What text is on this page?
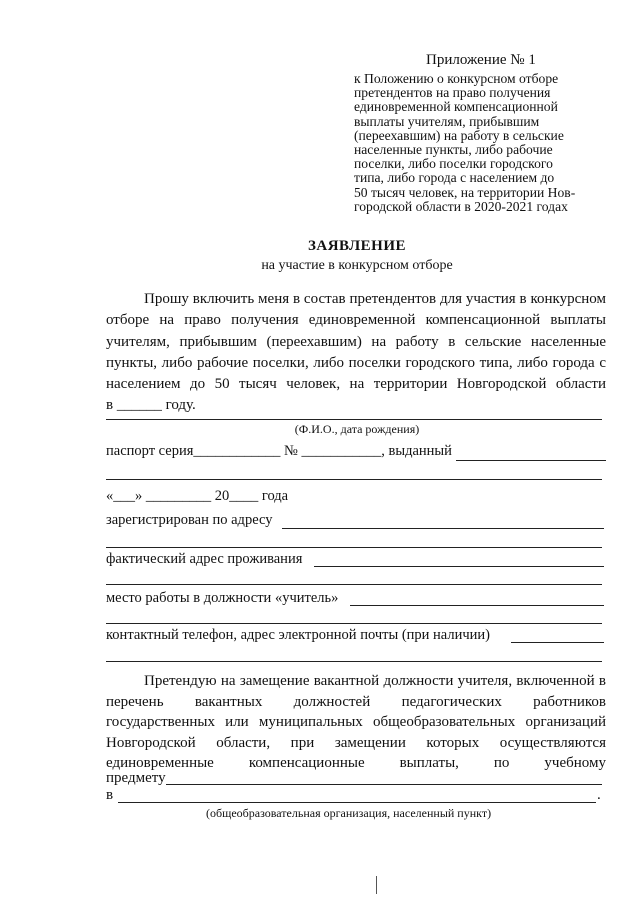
Приложение № 1
к Положению о конкурсном отборе
претендентов на право получения
единовременной компенсационной
выплаты учителям, прибывшим
(переехавшим) на работу в сельские
населенные пункты, либо рабочие
поселки, либо поселки городского
типа, либо города с населением до
50 тысяч человек, на территории Нов-
городской области в 2020-2021 годах
ЗАЯВЛЕНИЕ
на участие в конкурсном отборе
Прошу включить меня в состав претендентов для участия в конкурсном
отборе на право получения единовременной компенсационной выплаты
учителям, прибывшим (переехавшим) на работу в сельские населенные
пункты, либо рабочие поселки, либо поселки городского типа, либо города с
населением до 50 тысяч человек, на территории Новгородской области
в ______ году.
(Ф.И.О., дата рождения)
паспорт серия____________ № ___________, выданный
«___» _________ 20____ года
зарегистрирован по адресу
фактический адрес проживания
место работы в должности «учитель»
контактный телефон, адрес электронной почты (при наличии)
Претендую на замещение вакантной должности учителя, включенной в
перечень вакантных должностей педагогических работников
государственных или муниципальных общеобразовательных организаций
Новгородской области, при замещении которых осуществляются
единовременные компенсационные выплаты, по учебному
предмету
в	.
(общеобразовательная организация, населенный пункт)
